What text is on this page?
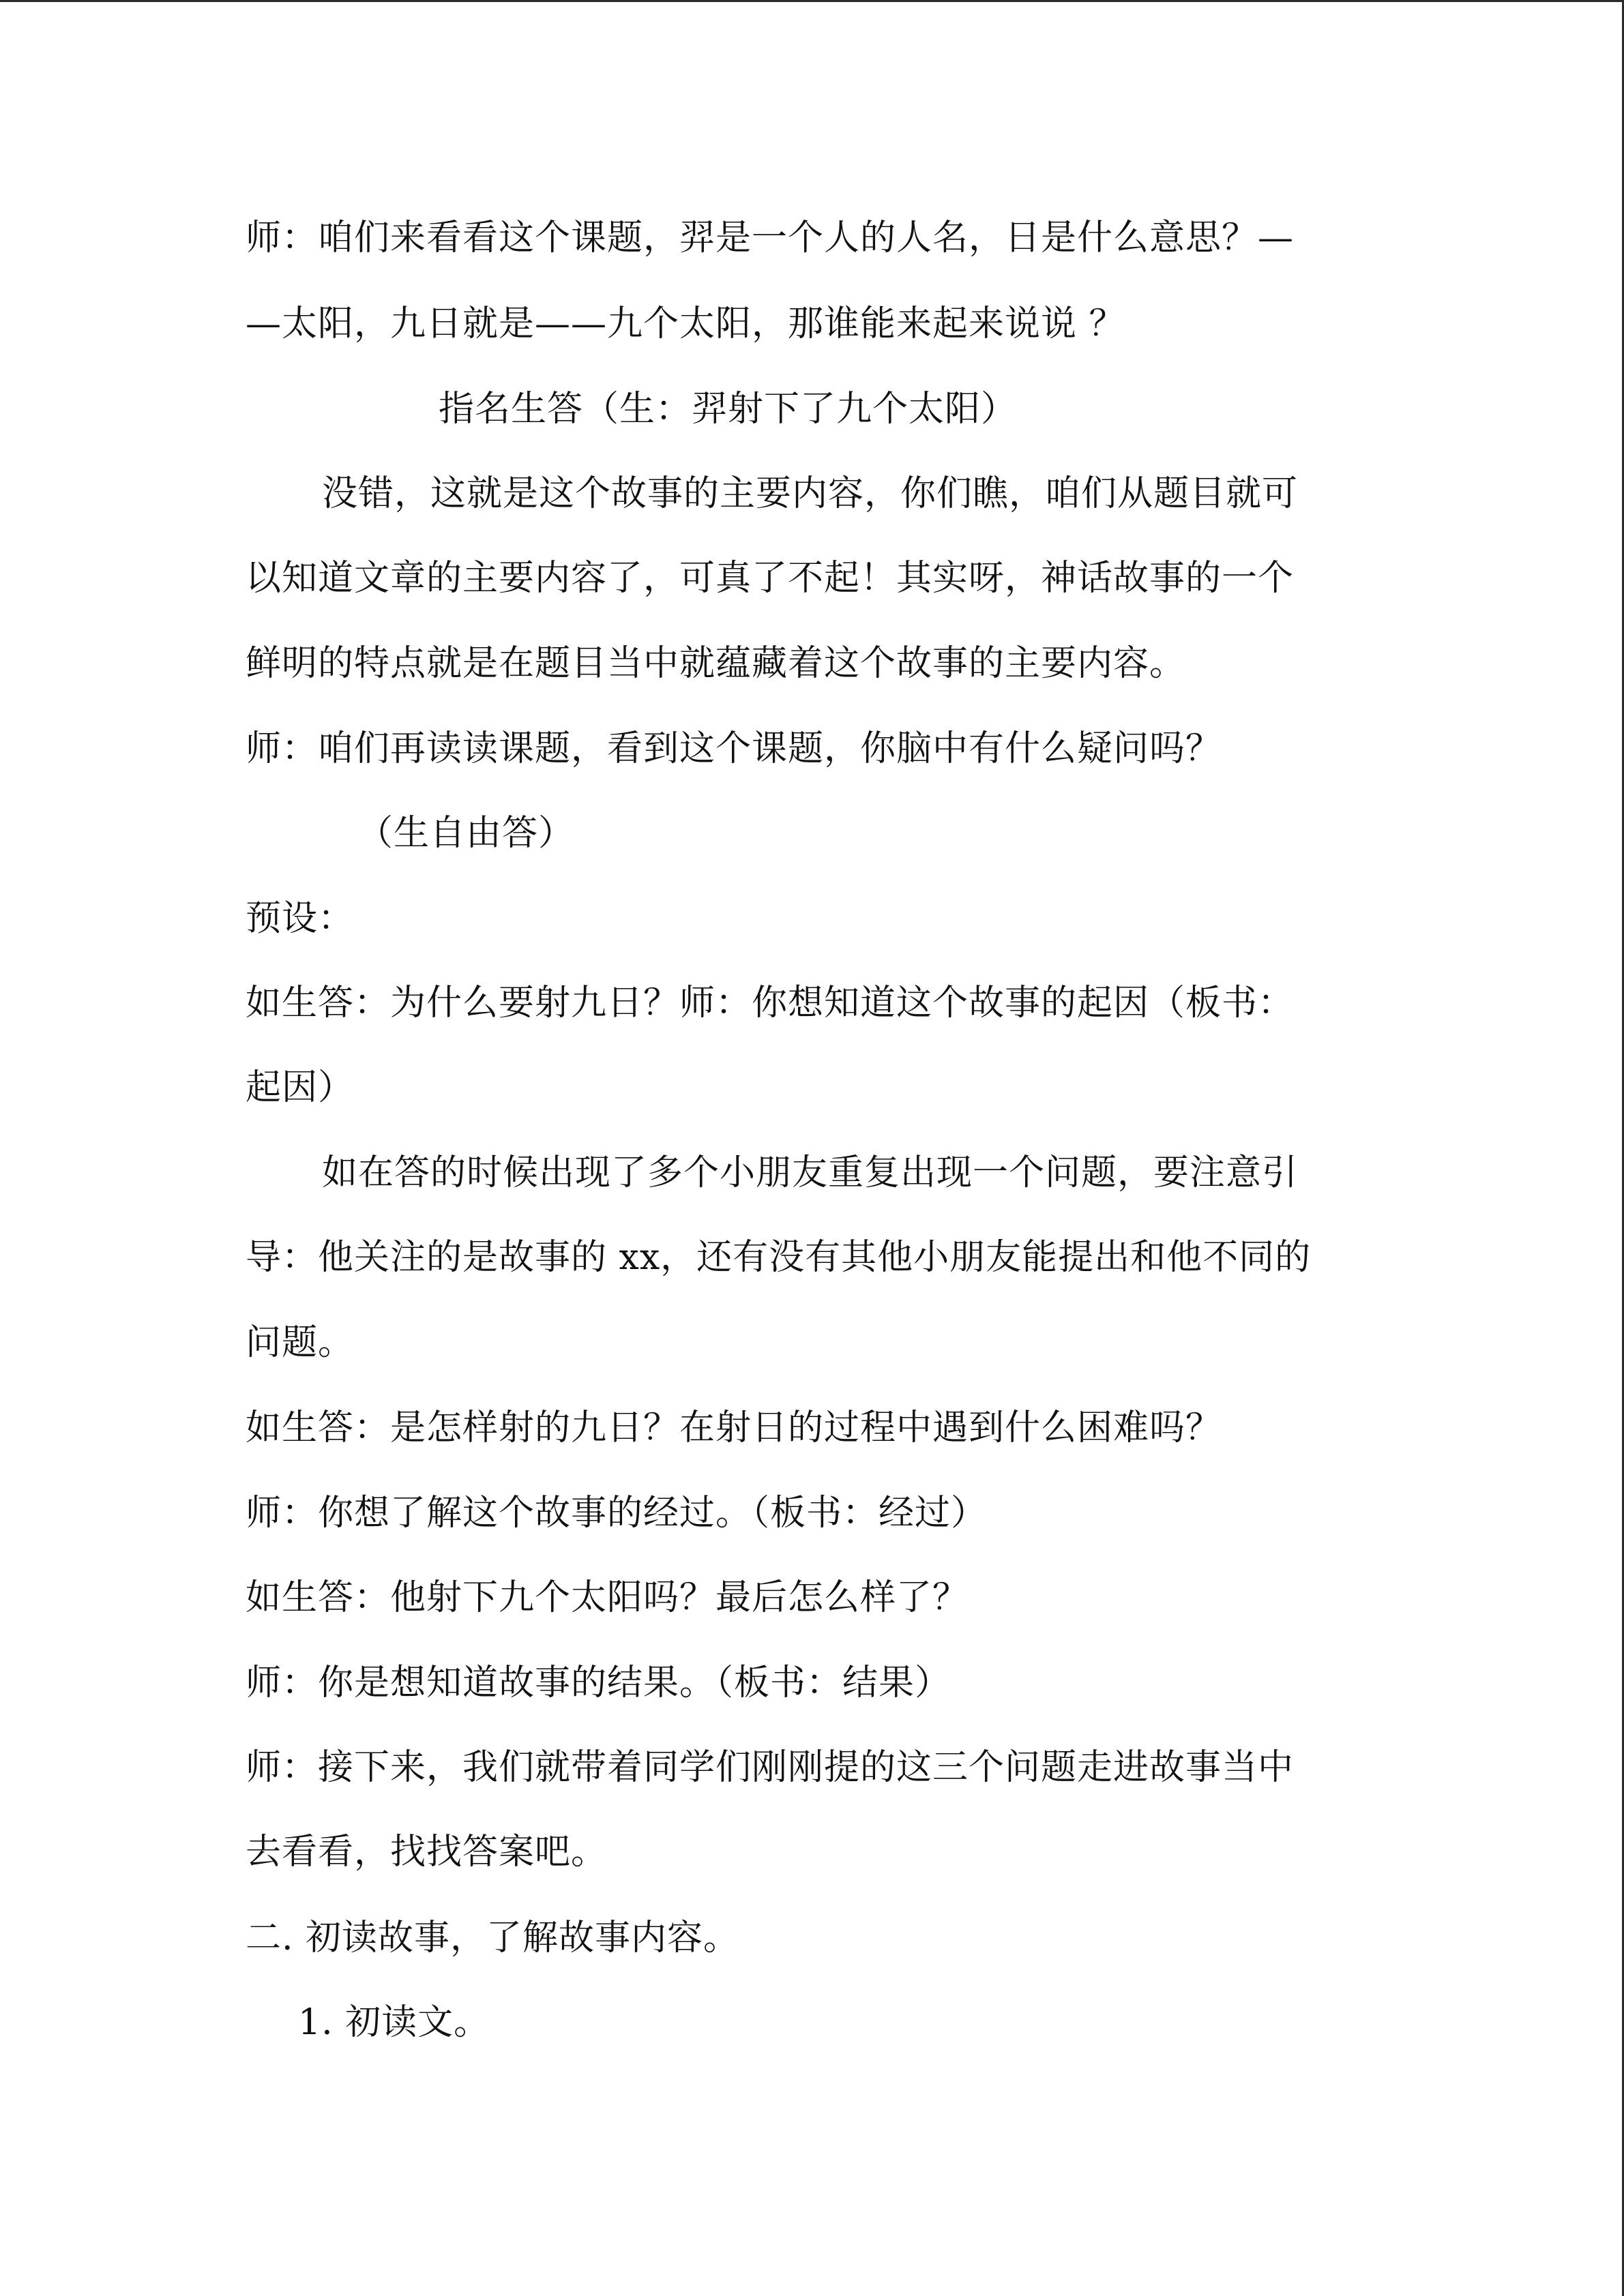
师：咱们来看看这个课题，羿是一个人的人名，日是什么意思？—
—太阳，九日就是——九个太阳，那谁能来起来说说 ？
指名生答（生：羿射下了九个太阳）
没错，这就是这个故事的主要内容，你们瞧，咱们从题目就可
以知道文章的主要内容了，可真了不起！其实呀，神话故事的一个
鲜明的特点就是在题目当中就蕴藏着这个故事的主要内容。
师：咱们再读读课题，看到这个课题，你脑中有什么疑问吗？
（生自由答）
预设：
如生答：为什么要射九日？师：你想知道这个故事的起因（板书：
起因）
如在答的时候出现了多个小朋友重复出现一个问题，要注意引
导：他关注的是故事的 xx，还有没有其他小朋友能提出和他不同的
问题。
如生答：是怎样射的九日？在射日的过程中遇到什么困难吗？
师：你想了解这个故事的经过。（板书：经过）
如生答：他射下九个太阳吗？最后怎么样了？
师：你是想知道故事的结果。（板书：结果）
师：接下来，我们就带着同学们刚刚提的这三个问题走进故事当中
去看看，找找答案吧。
二. 初读故事，了解故事内容。
1. 初读文。
